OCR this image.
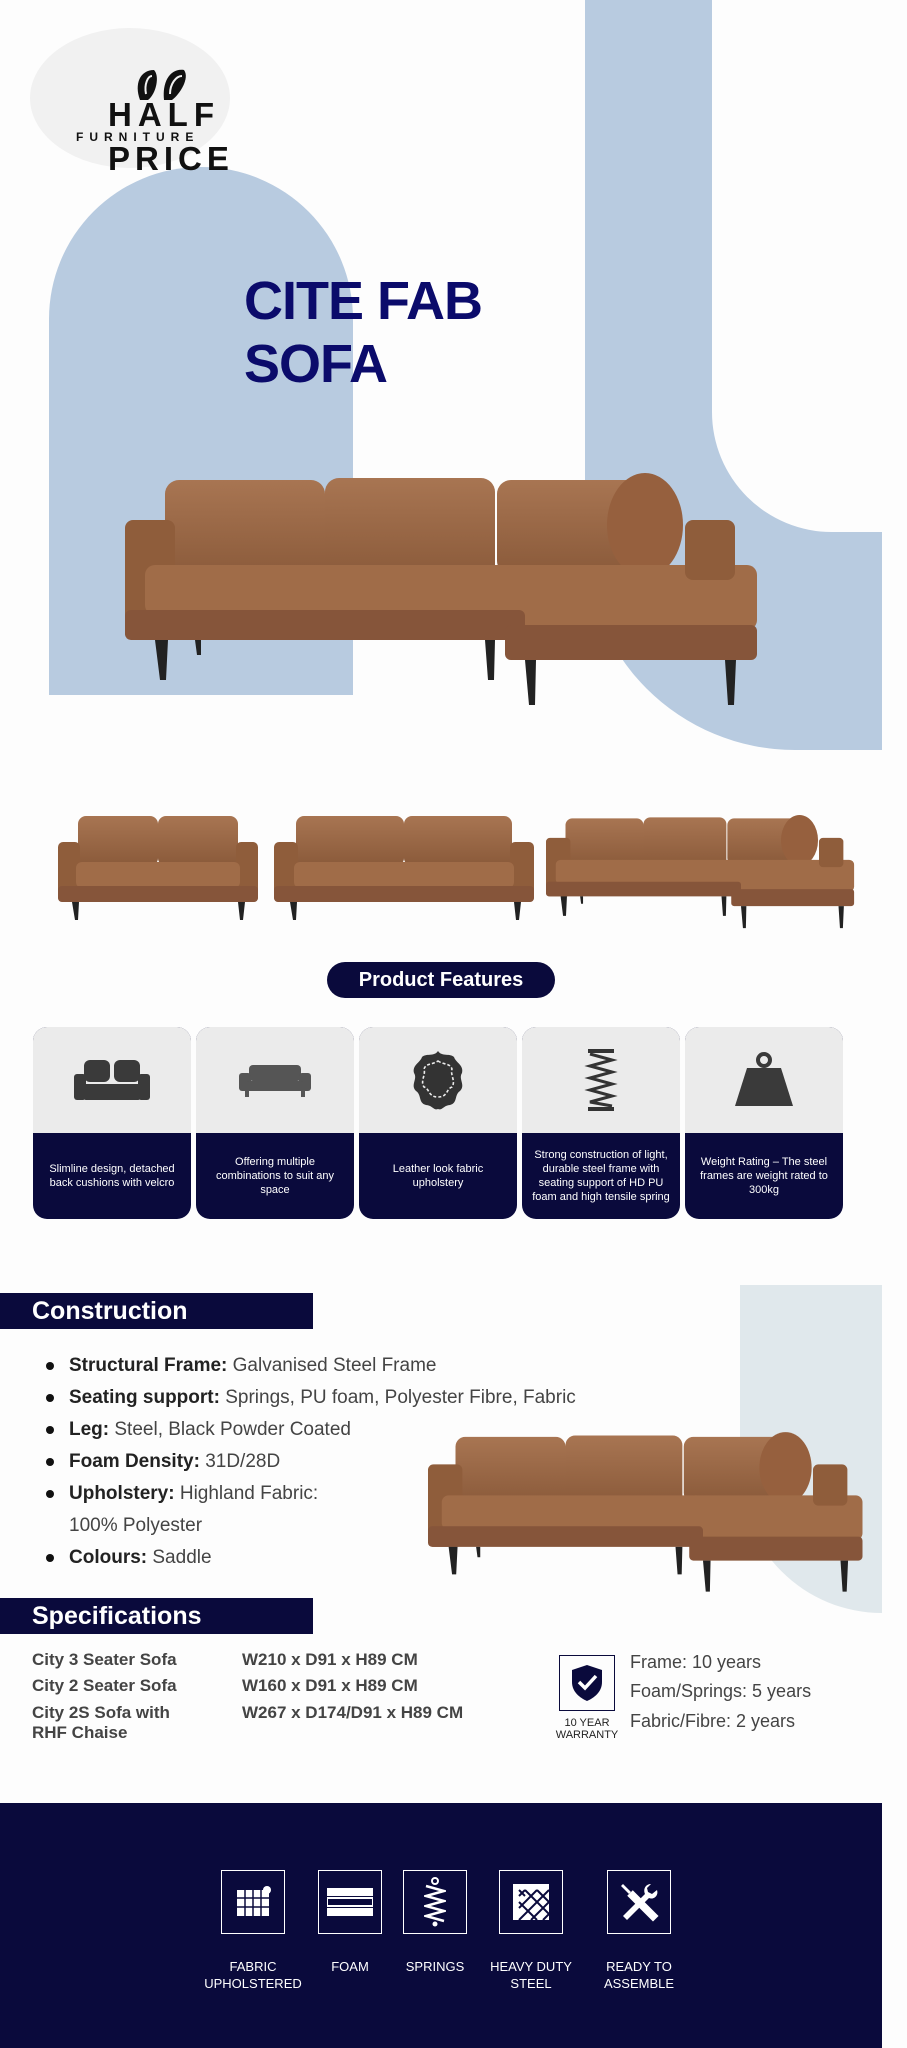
HALF
FURNITURE
PRICE
CITE FAB
SOFA
Product Features
Slimline design, detached back cushions with velcro
Offering multiple combinations to suit any space
Leather look fabric upholstery
Strong construction of light, durable steel frame with seating support of HD PU foam and high tensile spring
Weight Rating – The steel frames are weight rated to 300kg
Construction
Structural Frame: Galvanised Steel Frame
Seating support: Springs, PU foam, Polyester Fibre, Fabric
Leg: Steel, Black Powder Coated
Foam Density: 31D/28D
Upholstery: Highland Fabric:
100% Polyester
Colours: Saddle
Specifications
City 3 Seater Sofa	W210 x D91 x H89 CM
City 2 Seater Sofa	W160 x D91 x H89 CM
City 2S Sofa with
RHF Chaise
W267 x D174/D91 x H89 CM
10 YEAR
WARRANTY
Frame: 10 years
Foam/Springs: 5 years
Fabric/Fibre: 2 years
FABRIC
UPHOLSTERED
FOAM	SPRINGS	HEAVY DUTY
STEEL
READY TO
ASSEMBLE
